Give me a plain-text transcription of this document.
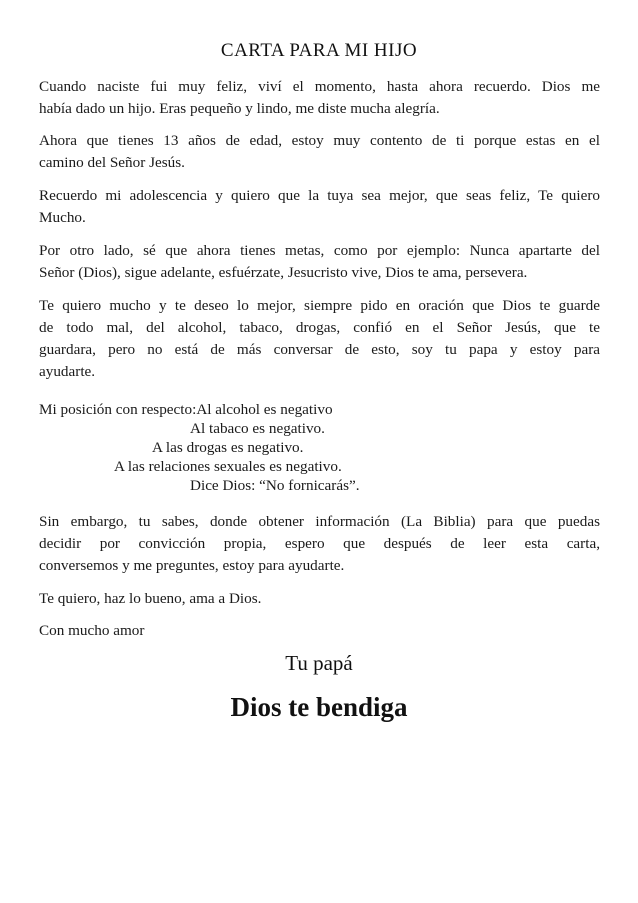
CARTA PARA MI HIJO
Cuando naciste fui muy feliz, viví el momento, hasta ahora recuerdo. Dios me
había dado un hijo. Eras pequeño y lindo, me diste mucha alegría.
Ahora que tienes 13 años de edad, estoy muy contento de ti porque estas en el
camino del Señor Jesús.
Recuerdo mi adolescencia y quiero que la tuya sea mejor, que seas feliz, Te quiero
Mucho.
Por otro lado, sé que ahora tienes metas, como por ejemplo: Nunca apartarte del
Señor (Dios), sigue adelante, esfuérzate, Jesucristo vive, Dios te ama, persevera.
Te quiero mucho y te deseo lo mejor, siempre pido en oración que Dios te guarde
de todo mal, del alcohol, tabaco, drogas, confió en el Señor Jesús, que te
guardara, pero no está de más conversar de esto, soy tu papa y estoy para
ayudarte.
Mi posición con respecto:Al alcohol es negativo
Al tabaco es negativo.
A las drogas es negativo.
A las relaciones sexuales es negativo.
Dice Dios: “No fornicarás”.
Sin embargo, tu sabes, donde obtener información (La Biblia) para que puedas
decidir por convicción propia, espero que después de leer esta carta,
conversemos y me preguntes, estoy para ayudarte.
Te quiero, haz lo bueno, ama a Dios.
Con mucho amor
Tu papá
Dios te bendiga
